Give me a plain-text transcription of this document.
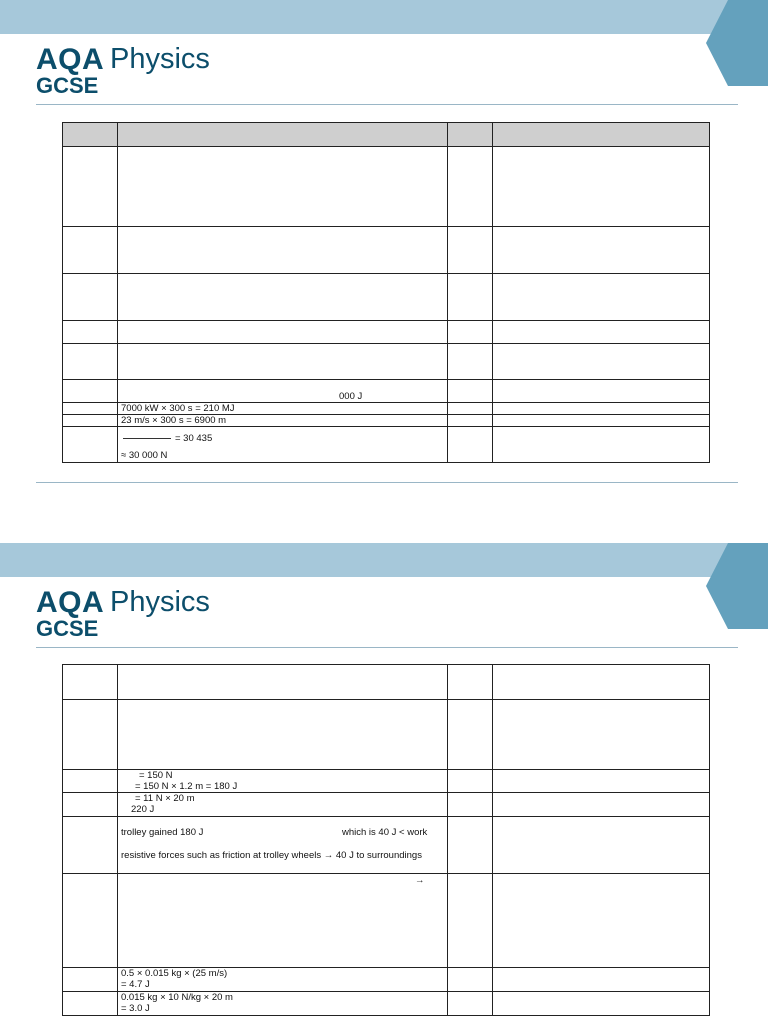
AQA Physics
GCSE

	000 J		

	7000 kW × 300 s = 210 MJ		

	23 m/s × 300 s = 6900 m		

	= 30 435
≈ 30 000 N		

AQA Physics
GCSE

	= 150 N
= 150 N × 1.2 m = 180 J		

	= 11 N × 20 m
220 J		

	trolley gained 180 J which is 40 J < work
resistive forces such as friction at trolley wheels → 40 J to surroundings		

	→		

	0.5 × 0.015 kg × (25 m/s)
= 4.7 J		

	0.015 kg × 10 N/kg × 20 m
= 3.0 J		
